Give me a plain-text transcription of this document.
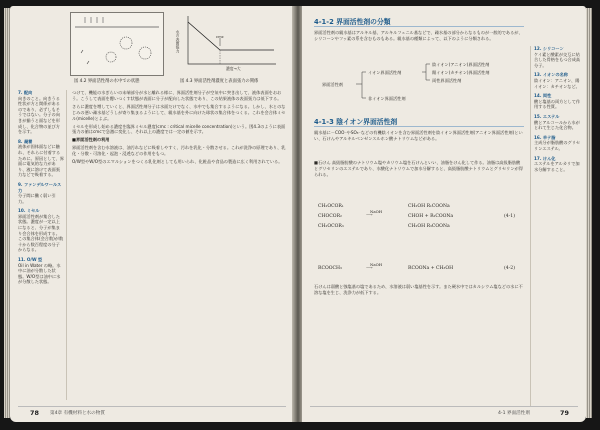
図 4.2 界面活性剤の水中での状態
水の表面張力	cmc
濃度→大
図 4.3 界面活性剤濃度と表面張力の関係
7. 配向
向きのこと。向きうる性状が方と関係があるのであり、必ずしもそうではない。分子の向きが揃うと面などを形成し、化合物の並び方を示す。
8. 凝着
液体が固体面などに触れ、それらに付着するために。原因として、界面に電気的な力があり、液に溶けて表面張力などで吸着する。
9. ファンデルワールス力
分子間に働く弱い引力。
10. ミセル
界面活性剤が集合した状態。濃度が一定以上になると、分子が集まり会合体を形成する。この集合体(会合数)が数十から数百程度の分子からなる。
11. O/W 型
Oil in Water の略。水中に油が分散した状態。W/O型は油中に水が分散した状態。

つけて、機能の水ぎらいの末端部分が水と離れる様に、界面活性剤分子が空気中に突き出して、液体表面をおおう。こうして表面を覆いつくす状態が表面に分子が配向した状態であり、この結果液体の表面張力は低下する。

さらに濃度を増していくと、界面活性剤分子は水面だけでなく、水中でも集合するようになる。しかし、水とのなじみの悪い疎水基どうしが寄り集まるようにして、親水基を外に向けた球状の集合体をつくる。これを会合体ミセル(micelle)とよぶ。

ミセルを形成し始める濃度を臨界ミセル濃度(cmc : critical micelle concentration)という。図4.3のように表面張力の値はcmcで急激に変化し、それ以上の濃度では一定の値を示す。

■界面活性剤の利用

界面活性剤を含む水溶液は、油汚れなどに吸着しやすく、汚れを乳化・分散させる。これが洗浄の原理であり、乳化・分散・可溶化・起泡・浸透などの作用をもつ。

O/W型やW/O型のエマルションをつくる乳化剤としても用いられ、化粧品や食品の製造に広く利用されている。

78 第4章 有機材料と水の物質
4-1-2 界面活性剤の分類
界面活性剤の親水基はアルキル基、アルキルフェニル基などで、疎水基の部分からなるものが一般的であるが、シリコーンやフッ素の系を含むものもある。親水基の種類によって、以下のように分類される。
界面活性剤
イオン界面活性剤
非イオン界面活性剤
陰イオン(アニオン)界面活性剤
陽イオン(カチオン)界面活性剤
両性界面活性剤
4-1-3 陰イオン界面活性剤
親水基に－COO⁻やSO₃⁻などの有機陰イオンを含む界面活性剤を陰イオン界面活性剤(アニオン界面活性剤)といい、石けんやアルキルベンゼンスルホン酸ナトリウムなどがある。
■石けん 高級脂肪酸のナトリウム塩やカリウム塩を石けんといい、油脂をけん化して作る。油脂は高級脂肪酸とグリセリンのエステルであり、水酸化ナトリウムで加水分解すると、高級脂肪酸ナトリウムとグリセリンが得られる。
CH₂OCOR₁	CH₂OH R₁COONa
CHOCOR₂
NaOH
⟶	CHOH + R₂COONa	(4-1)
CH₂OCOR₃	CH₂OH R₃COONa
RCOOCH₃
NaOH
⟶	RCOONa + CH₃OH	(4-2)
石けんは弱酸と強塩基の塩であるため、水溶液は弱い塩基性を示す。また硬水中ではカルシウム塩などの水に不溶な塩を生じ、洗浄力が低下する。
12. シリコーン
ケイ素と酸素が交互に結合した骨格をもつ合成高分子。
13. イオンの名称
陰イオン：アニオン、陽イオン：カチオンなど。
14. 両性
酸と塩基の両方として作用する性質。
15. エステル
酸とアルコールから水がとれて生じた化合物。
16. 羊テ脂
主成分が脂肪酸のグリセリンエステル。
17. けん化
エステルをアルカリで加水分解すること。
4-1 界面活性剤	79
